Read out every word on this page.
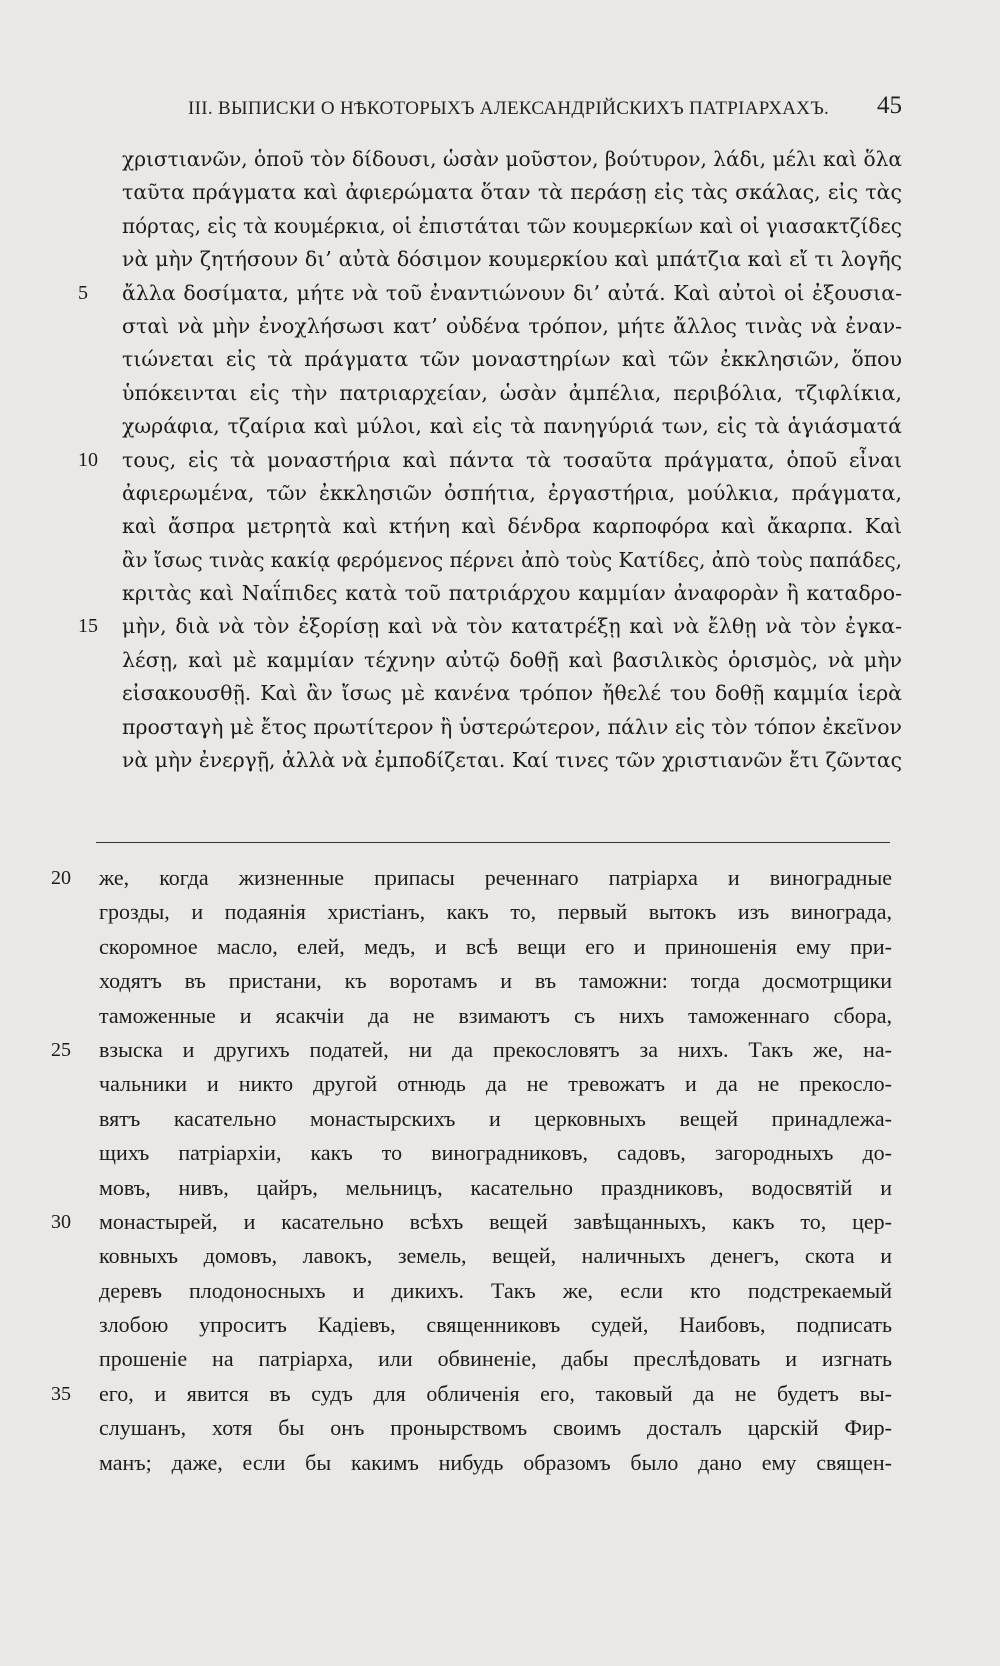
III. ВЫПИСКИ О НѢКОТОРЫХЪ АЛЕКСАНДРІЙСКИХЪ ПАТРІАРХАХЪ. 45
χριστιανῶν, ὁποῦ τὸν δίδουσι, ὡσὰν μοῦστον, βούτυρον, λάδι, μέλι καὶ ὅλα
ταῦτα πράγματα καὶ ἀφιερώματα ὅταν τὰ περάσῃ εἰς τὰς σκάλας, εἰς τὰς
πόρτας, εἰς τὰ κουμέρκια, οἱ ἐπιστάται τῶν κουμερκίων καὶ οἱ γιασακτζίδες
νὰ μὴν ζητήσουν δι’ αὐτὰ δόσιμον κουμερκίου καὶ μπάτζια καὶ εἴ τι λογῆς
ἄλλα δοσίματα, μήτε νὰ τοῦ ἐναντιώνουν δι’ αὐτά. Καὶ αὐτοὶ οἱ ἐξουσια-
5
σταὶ νὰ μὴν ἐνοχλήσωσι κατ’ οὐδένα τρόπον, μήτε ἄλλος τινὰς νὰ ἐναν-
τιώνεται εἰς τὰ πράγματα τῶν μοναστηρίων καὶ τῶν ἐκκλησιῶν, ὅπου
ὑπόκεινται εἰς τὴν πατριαρχείαν, ὡσὰν ἀμπέλια, περιβόλια, τζιφλίκια,
χωράφια, τζαίρια καὶ μύλοι, καὶ εἰς τὰ πανηγύριά των, εἰς τὰ ἁγιάσματά
τους, εἰς τὰ μοναστήρια καὶ πάντα τὰ τοσαῦτα πράγματα, ὁποῦ εἶναι
10
ἀφιερωμένα, τῶν ἐκκλησιῶν ὀσπήτια, ἐργαστήρια, μούλκια, πράγματα,
καὶ ἄσπρα μετρητὰ καὶ κτήνη καὶ δένδρα καρποφόρα καὶ ἄκαρπα. Καὶ
ἂν ἴσως τινὰς κακίᾳ φερόμενος πέρνει ἀπὸ τοὺς Κατίδες, ἀπὸ τοὺς παπάδες,
κριτὰς καὶ Ναΐπιδες κατὰ τοῦ πατριάρχου καμμίαν ἀναφορὰν ἢ καταδρο-
μὴν, διὰ νὰ τὸν ἐξορίσῃ καὶ νὰ τὸν κατατρέξῃ καὶ νὰ ἔλθῃ νὰ τὸν ἐγκα-
15
λέσῃ, καὶ μὲ καμμίαν τέχνην αὐτῷ δοθῇ καὶ βασιλικὸς ὁρισμὸς, νὰ μὴν
εἰσακουσθῇ. Καὶ ἂν ἴσως μὲ κανένα τρόπον ἤθελέ του δοθῇ καμμία ἱερὰ
προσταγὴ μὲ ἔτος πρωτίτερον ἢ ὑστερώτερον, πάλιν εἰς τὸν τόπον ἐκεῖνον
νὰ μὴν ἐνεργῇ, ἀλλὰ νὰ ἐμποδίζεται. Καί τινες τῶν χριστιανῶν ἔτι ζῶντας
же, когда жизненные припасы реченнаго патріарха и виноградные
20
грозды, и подаянія христіанъ, какъ то, первый вытокъ изъ винограда,
скоромное масло, елей, медъ, и всѣ вещи его и приношенія ему при-
ходятъ въ пристани, къ воротамъ и въ таможни: тогда досмотрщики
таможенные и ясакчіи да не взимаютъ съ нихъ таможеннаго сбора,
взыска и другихъ податей, ни да прекословятъ за нихъ. Такъ же, на-
25
чальники и никто другой отнюдь да не тревожатъ и да не прекосло-
вятъ касательно монастырскихъ и церковныхъ вещей принадлежа-
щихъ патріархіи, какъ то виноградниковъ, садовъ, загородныхъ до-
мовъ, нивъ, цайръ, мельницъ, касательно праздниковъ, водосвятій и
монастырей, и касательно всѣхъ вещей завѣщанныхъ, какъ то, цер-
30
ковныхъ домовъ, лавокъ, земель, вещей, наличныхъ денегъ, скота и
деревъ плодоносныхъ и дикихъ. Такъ же, если кто подстрекаемый
злобою упроситъ Кадіевъ, священниковъ судей, Наибовъ, подписать
прошеніе на патріарха, или обвиненіе, дабы преслѣдовать и изгнать
его, и явится въ судъ для обличенія его, таковый да не будетъ вы-
35
слушанъ, хотя бы онъ пронырствомъ своимъ досталъ царскій Фир-
манъ; даже, если бы какимъ нибудь образомъ было дано ему священ-
